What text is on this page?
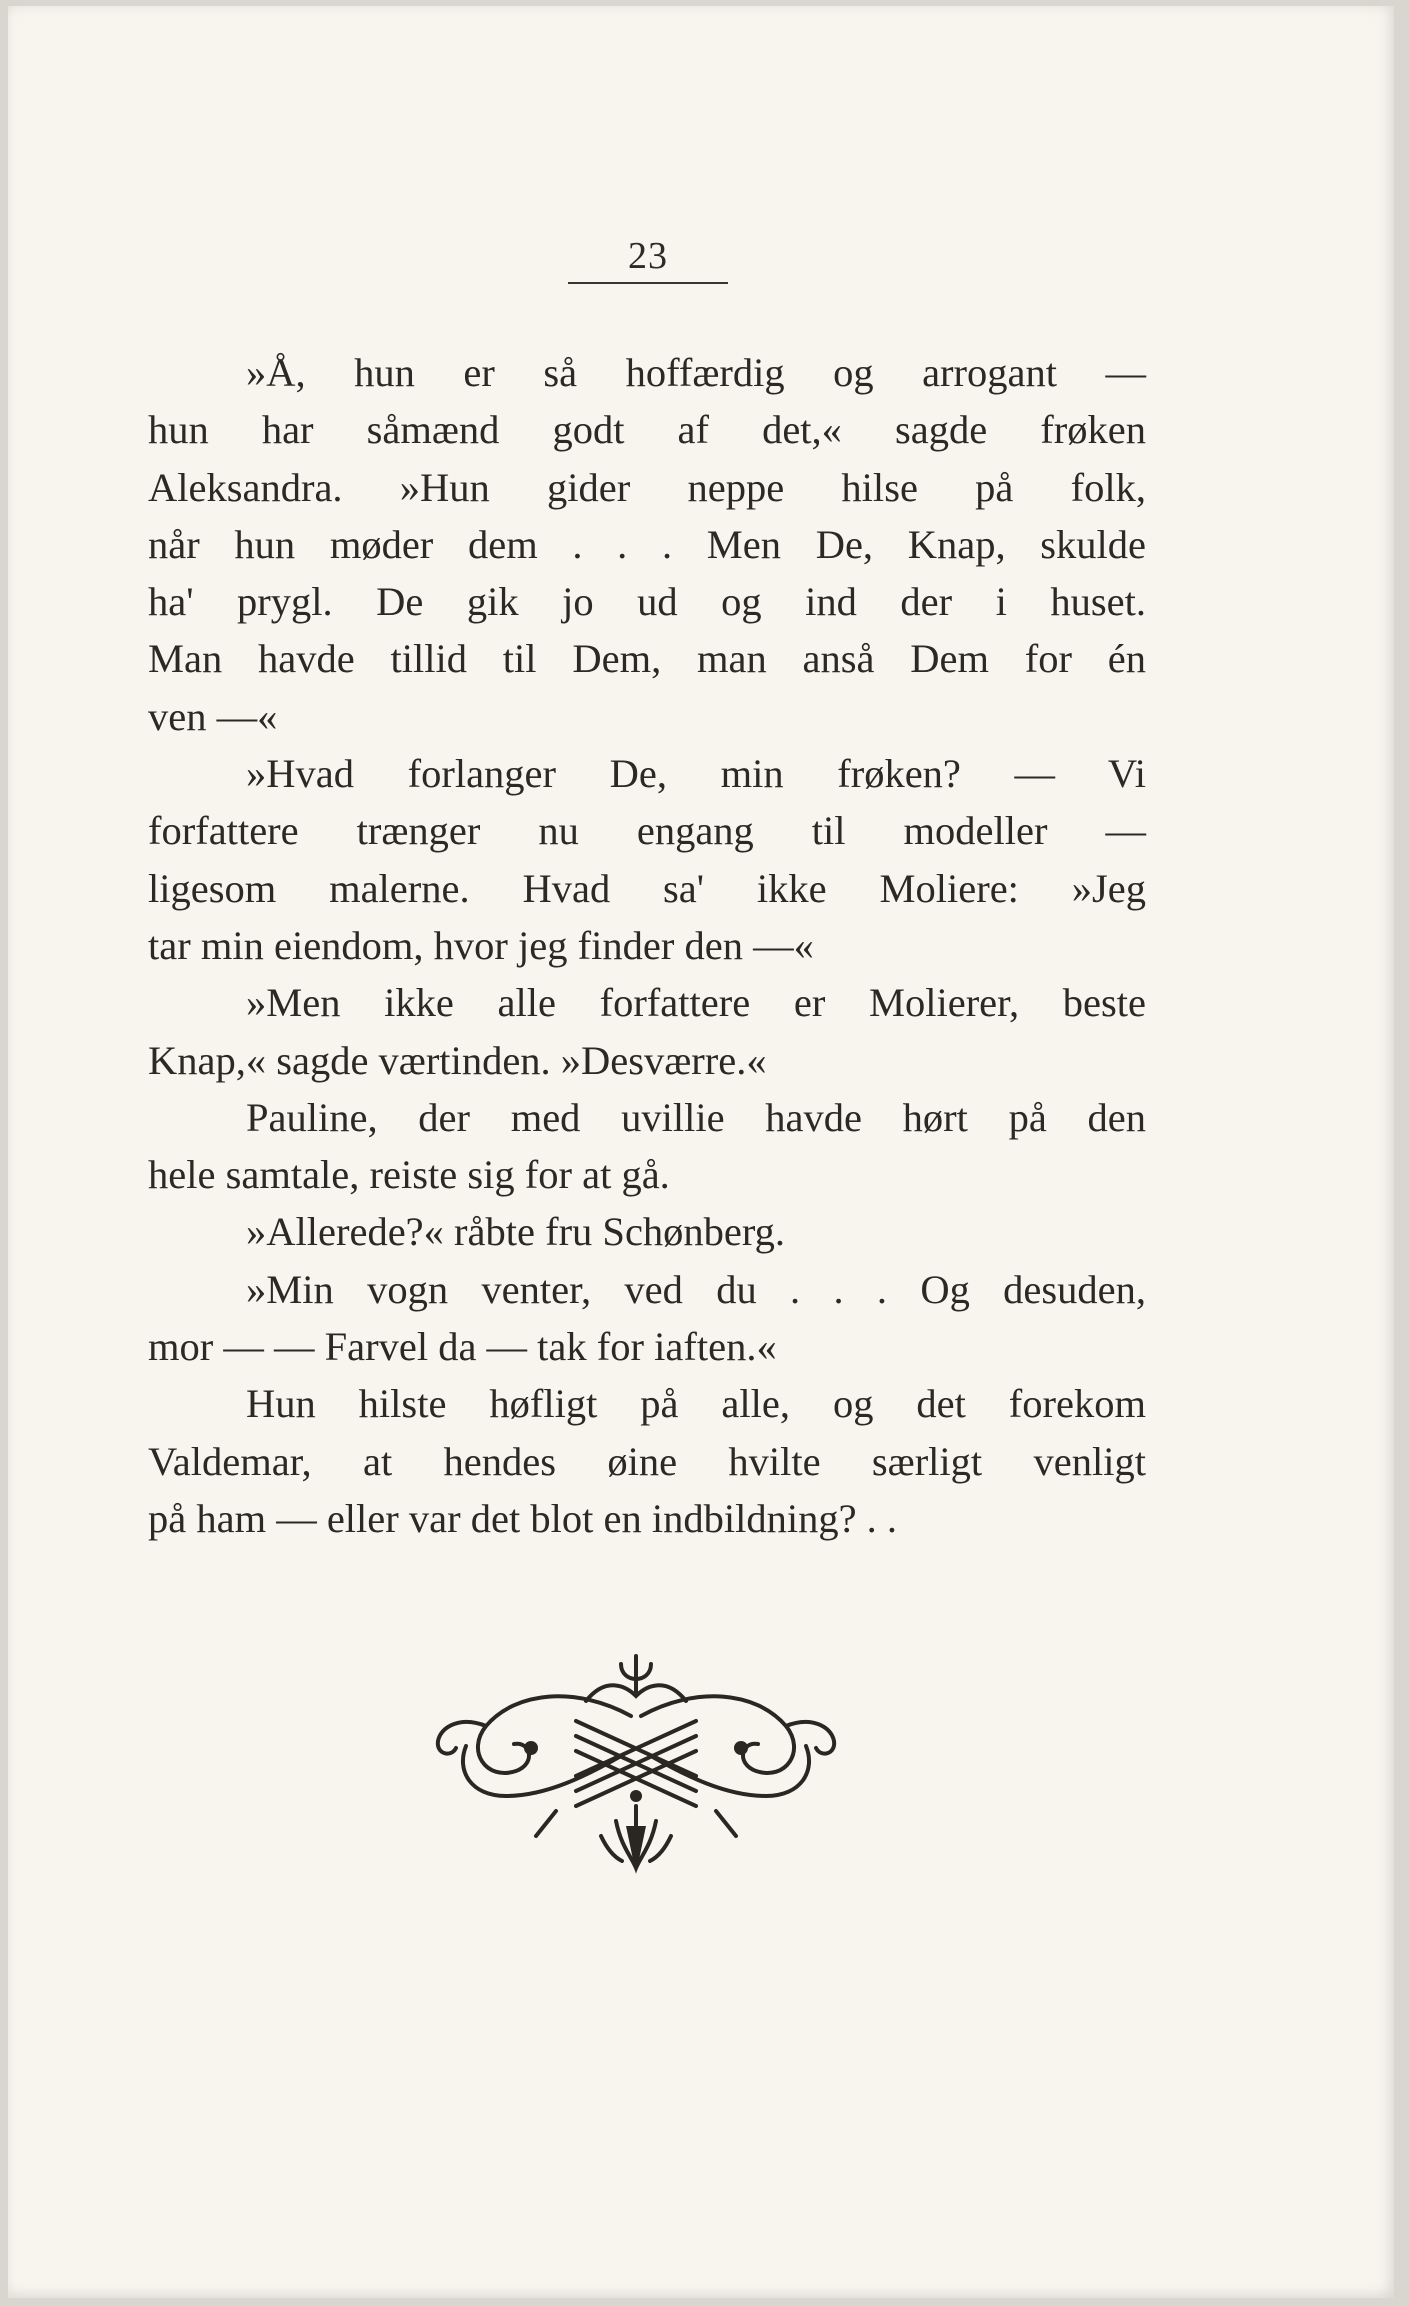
23
»Å, hun er så hoffærdig og arrogant —
hun har såmænd godt af det,« sagde frøken
Aleksandra. »Hun gider neppe hilse på folk,
når hun møder dem . . . Men De, Knap, skulde
ha' prygl. De gik jo ud og ind der i huset.
Man havde tillid til Dem, man anså Dem for én
ven —«
»Hvad forlanger De, min frøken? — Vi
forfattere trænger nu engang til modeller —
ligesom malerne. Hvad sa' ikke Moliere: »Jeg
tar min eiendom, hvor jeg finder den —«
»Men ikke alle forfattere er Molierer, beste
Knap,« sagde værtinden. »Desværre.«
Pauline, der med uvillie havde hørt på den
hele samtale, reiste sig for at gå.
»Allerede?« råbte fru Schønberg.
»Min vogn venter, ved du . . . Og desuden,
mor — — Farvel da — tak for iaften.«
Hun hilste høfligt på alle, og det forekom
Valdemar, at hendes øine hvilte særligt venligt
på ham — eller var det blot en indbildning? . .
